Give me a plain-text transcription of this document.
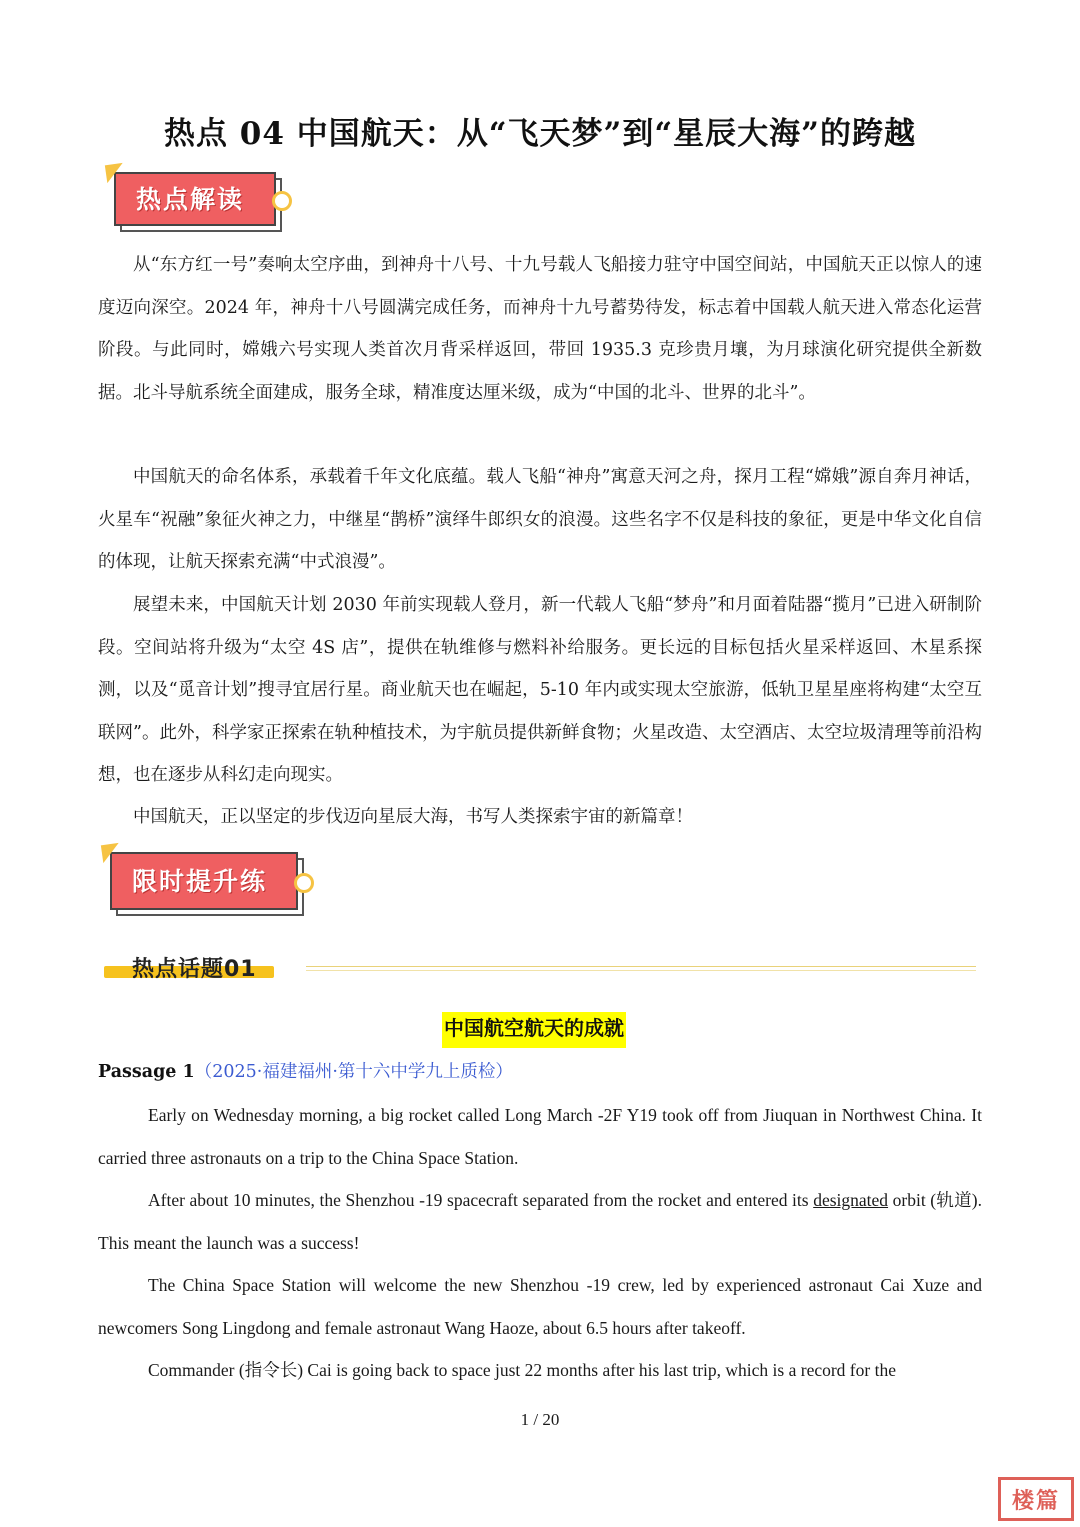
热点 04 中国航天：从“飞天梦”到“星辰大海”的跨越
热点解读

从“东方红一号”奏响太空序曲，到神舟十八号、十九号载人飞船接力驻守中国空间站，中国航天正以惊人的速度迈向深空。2024 年，神舟十八号圆满完成任务，而神舟十九号蓄势待发，标志着中国载人航天进入常态化运营阶段。与此同时，嫦娥六号实现人类首次月背采样返回，带回 1935.3 克珍贵月壤，为月球演化研究提供全新数据。北斗导航系统全面建成，服务全球，精准度达厘米级，成为“中国的北斗、世界的北斗”。

中国航天的命名体系，承载着千年文化底蕴。载人飞船“神舟”寓意天河之舟，探月工程“嫦娥”源自奔月神话，火星车“祝融”象征火神之力，中继星“鹊桥”演绎牛郎织女的浪漫。这些名字不仅是科技的象征，更是中华文化自信的体现，让航天探索充满“中式浪漫”。

展望未来，中国航天计划 2030 年前实现载人登月，新一代载人飞船“梦舟”和月面着陆器“揽月”已进入研制阶段。空间站将升级为“太空 4S 店”，提供在轨维修与燃料补给服务。更长远的目标包括火星采样返回、木星系探测，以及“觅音计划”搜寻宜居行星。商业航天也在崛起，5-10 年内或实现太空旅游，低轨卫星星座将构建“太空互联网”。此外，科学家正探索在轨种植技术，为宇航员提供新鲜食物；火星改造、太空酒店、太空垃圾清理等前沿构想，也在逐步从科幻走向现实。

中国航天，正以坚定的步伐迈向星辰大海，书写人类探索宇宙的新篇章！

限时提升练
热点话题01
中国航空航天的成就
Passage 1（2025·福建福州·第十六中学九上质检）

Early on Wednesday morning, a big rocket called Long March -2F Y19 took off from Jiuquan in Northwest China. It carried three astronauts on a trip to the China Space Station.

After about 10 minutes, the Shenzhou -19 spacecraft separated from the rocket and entered its designated orbit (轨道). This meant the launch was a success!

The China Space Station will welcome the new Shenzhou -19 crew, led by experienced astronaut Cai Xuze and newcomers Song Lingdong and female astronaut Wang Haoze, about 6.5 hours after takeoff.

Commander (指令长) Cai is going back to space just 22 months after his last trip, which is a record for the

1 / 20
楼篇
